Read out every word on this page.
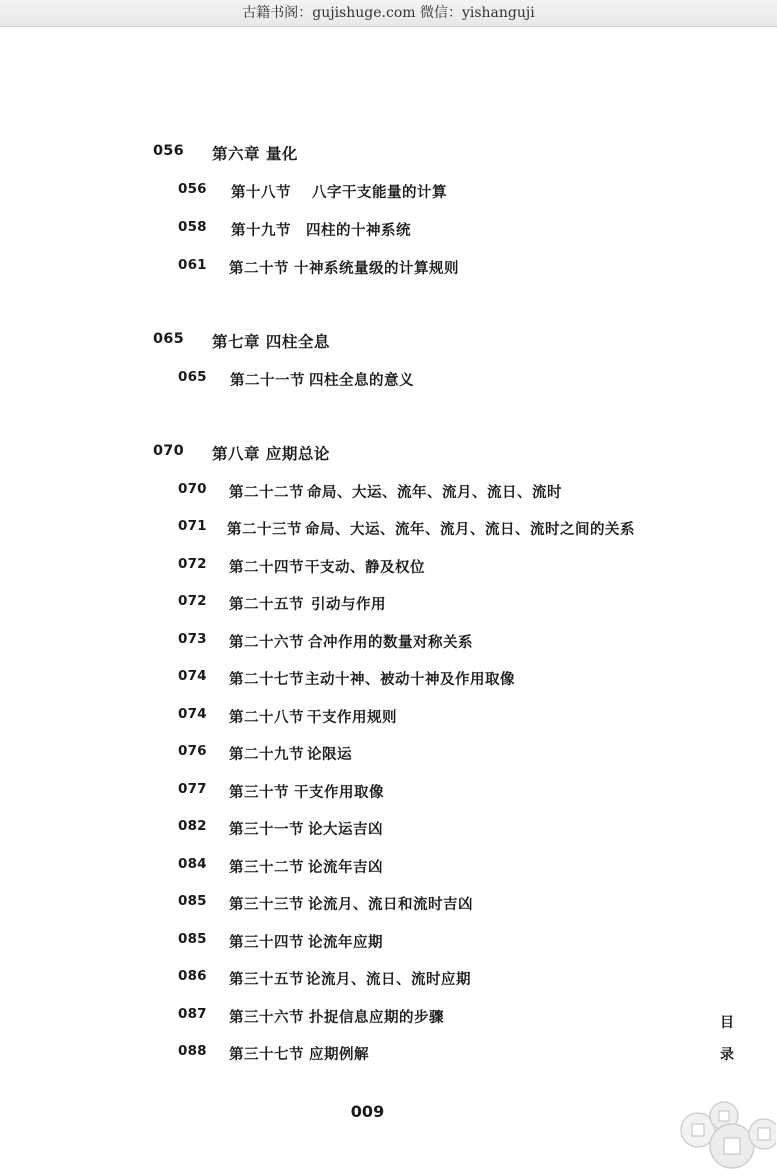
古籍书阁：gujishuge.com 微信：yishanguji
056 第六章 量化
056 第十八节 八字干支能量的计算
058 第十九节 四柱的十神系统
061 第二十节 十神系统量级的计算规则
065 第七章 四柱全息
065 第二十一节 四柱全息的意义
070 第八章 应期总论
070 第二十二节 命局、大运、流年、流月、流日、流时
071 第二十三节 命局、大运、流年、流月、流日、流时之间的关系
072 第二十四节 干支动、静及权位
072 第二十五节 引动与作用
073 第二十六节 合冲作用的数量对称关系
074 第二十七节 主动十神、被动十神及作用取像
074 第二十八节 干支作用规则
076 第二十九节 论限运
077 第三十节 干支作用取像
082 第三十一节 论大运吉凶
084 第三十二节 论流年吉凶
085 第三十三节 论流月、流日和流时吉凶
085 第三十四节 论流年应期
086 第三十五节 论流月、流日、流时应期
087 第三十六节 扑捉信息应期的步骤
088 第三十七节 应期例解
目
录
009
